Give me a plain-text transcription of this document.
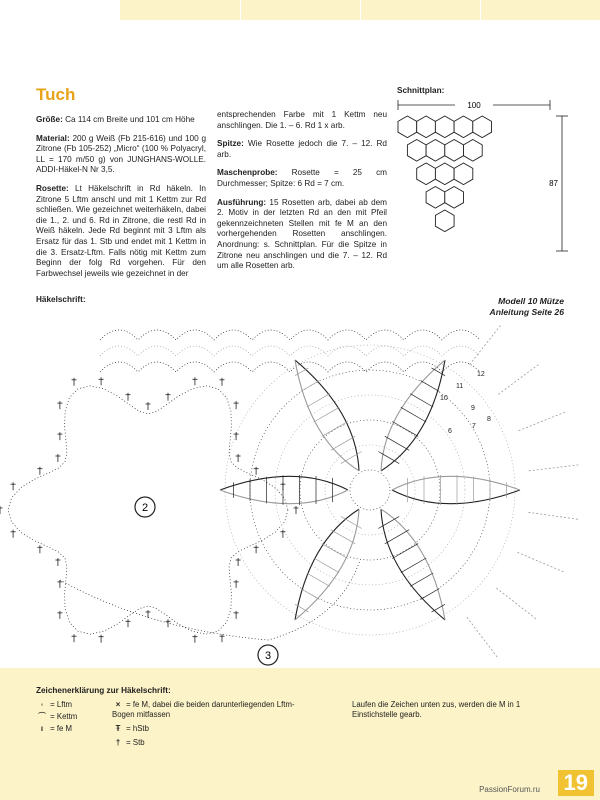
Tuch

Größe: Ca 114 cm Breite und 101 cm Höhe

Material: 200 g Weiß (Fb 215-616) und 100 g Zitrone (Fb 105-252) „Micro“ (100 % Polyacryl, LL = 170 m/50 g) von JUNGHANS-WOLLE. ADDI-Häkel-N Nr 3,5.

Rosette: Lt Häkelschrift in Rd häkeln. In Zitrone 5 Lftm anschl und mit 1 Kettm zur Rd schließen. Wie gezeichnet weiterhäkeln, dabei die 1., 2. und 6. Rd in Zitrone, die restl Rd in Weiß häkeln. Jede Rd beginnt mit 3 Lftm als Ersatz für das 1. Stb und endet mit 1 Kettm in die 3. Ersatz-Lftm. Falls nötig mit Kettm zum Beginn der folg Rd vorgehen. Für den Farbwechsel jeweils wie gezeichnet in der

entsprechenden Farbe mit 1 Kettm neu anschlingen. Die 1. – 6. Rd 1 x arb.

Spitze: Wie Rosette jedoch die 7. – 12. Rd arb.

Maschenprobe: Rosette = 25 cm Durchmesser; Spitze: 6 Rd = 7 cm.

Ausführung: 15 Rosetten arb, dabei ab dem 2. Motiv in der letzten Rd an den mit Pfeil gekennzeichneten Stellen mit fe M an den vorhergehenden Rosetten anschlingen. Anordnung: s. Schnittplan. Für die Spitze in Zitrone neu anschlingen und die 7. – 12. Rd um alle Rosetten arb.

Schnittplan:
100
87
Häkelschrift:	Modell 10 Mütze
Anleitung Seite 26
2
3
12
11
10
9
8
7
6
Zeichenerklärung zur Häkelschrift:
◦ = Lftm
⌒ = Kettm
ı = fe M
× = fe M, dabei die beiden darunterliegenden Lftm-Bogen mitfassen
Ŧ = hStb
† = Stb
Laufen die Zeichen unten zus, werden die M in 1 Einstichstelle gearb.
PassionForum.ru 19
